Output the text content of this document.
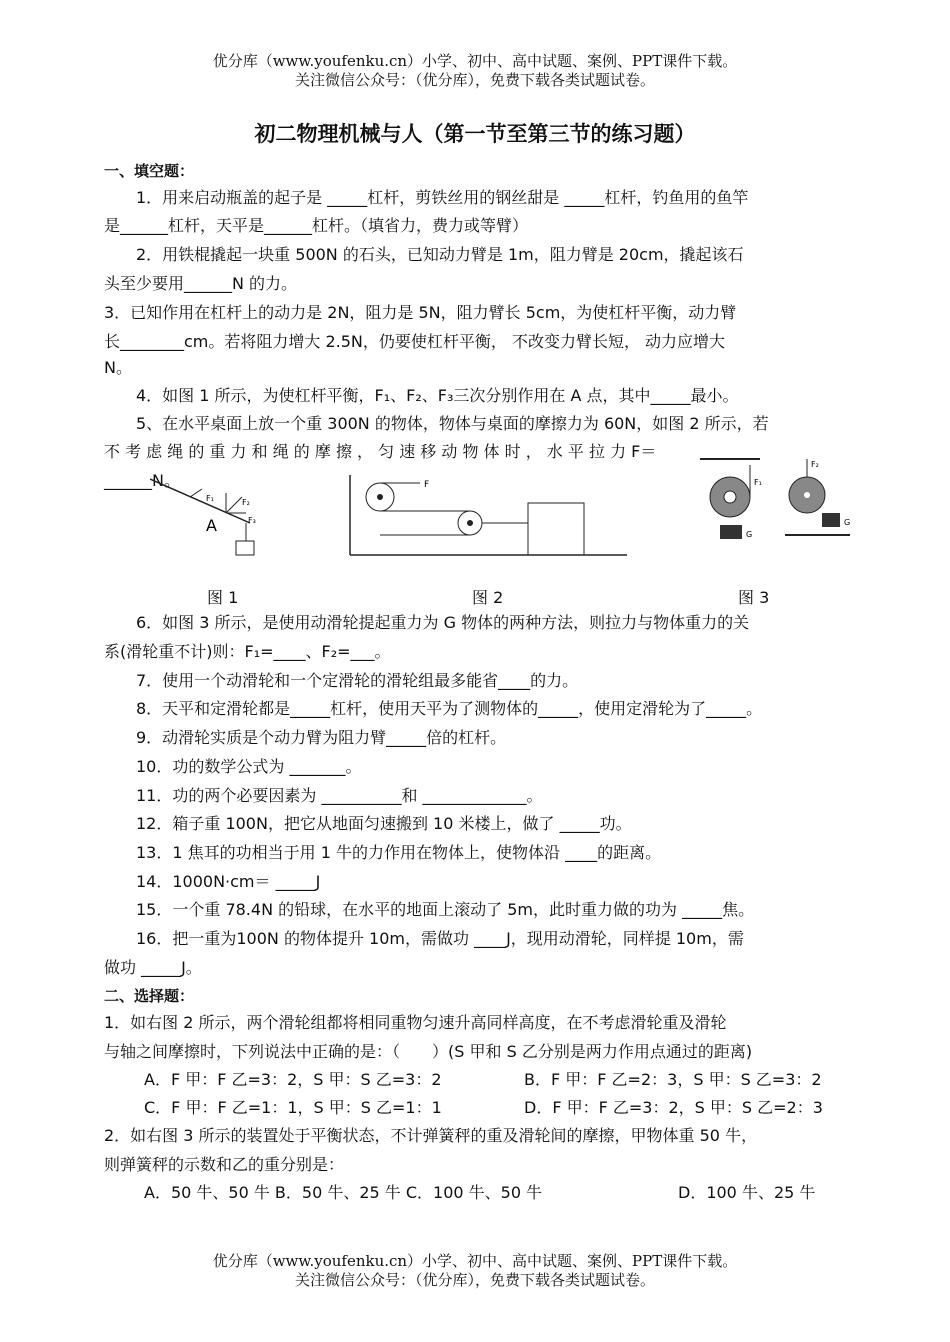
优分库（www.youfenku.cn）小学、初中、高中试题、案例、PPT课件下载。
关注微信公众号：（优分库），免费下载各类试题试卷。
初二物理机械与人（第一节至第三节的练习题）
一、填空题：
1．用来启动瓶盖的起子是 _____杠杆，剪铁丝用的钢丝甜是 _____杠杆，钓鱼用的鱼竿
是______杠杆，天平是______杠杆。（填省力，费力或等臂）
2．用铁棍撬起一块重 500N 的石头，已知动力臂是 1m，阻力臂是 20cm，撬起该石
头至少要用______N 的力。
3．已知作用在杠杆上的动力是 2N，阻力是 5N，阻力臂长 5cm，为使杠杆平衡，动力臂
长________cm。若将阻力增大 2.5N，仍要使杠杆平衡， 不改变力臂长短， 动力应增大
N。
4．如图 1 所示，为使杠杆平衡，F₁、F₂、F₃三次分别作用在 A 点，其中_____最小。
5、在水平桌面上放一个重 300N 的物体，物体与桌面的摩擦力为 60N，如图 2 所示，若
不 考 虑 绳 的 重 力 和 绳 的 摩 擦 ， 匀 速 移 动 物 体 时 ， 水 平 拉 力 F＝
______N。
F₁	F₂
F₃
A
F	F₁
G
F₂
G
图 1	图 2	图 3
6．如图 3 所示，是使用动滑轮提起重力为 G 物体的两种方法，则拉力与物体重力的关
系(滑轮重不计)则：F₁=____、F₂=___。
7．使用一个动滑轮和一个定滑轮的滑轮组最多能省____的力。
8．天平和定滑轮都是_____杠杆，使用天平为了测物体的_____，使用定滑轮为了_____。
9．动滑轮实质是个动力臂为阻力臂_____倍的杠杆。
10．功的数学公式为 _______。
11．功的两个必要因素为 __________和 _____________。
12．箱子重 100N，把它从地面匀速搬到 10 米楼上，做了 _____功。
13．1 焦耳的功相当于用 1 牛的力作用在物体上，使物体沿 ____的距离。
14．1000N·cm＝ _____J
15．一个重 78.4N 的铅球，在水平的地面上滚动了 5m，此时重力做的功为 _____焦。
16．把一重为100N 的物体提升 10m，需做功 ____J，现用动滑轮，同样提 10m，需
做功 _____J。
二、选择题：
1．如右图 2 所示，两个滑轮组都将相同重物匀速升高同样高度，在不考虑滑轮重及滑轮
与轴之间摩擦时，下列说法中正确的是：（　　）(S 甲和 S 乙分别是两力作用点通过的距离)
A．F 甲：F 乙=3：2，S 甲：S 乙=3：2	B．F 甲：F 乙=2：3，S 甲：S 乙=3：2
C．F 甲：F 乙=1：1，S 甲：S 乙=1：1	D．F 甲：F 乙=3：2，S 甲：S 乙=2：3
2．如右图 3 所示的装置处于平衡状态，不计弹簧秤的重及滑轮间的摩擦，甲物体重 50 牛，
则弹簧秤的示数和乙的重分别是：
A．50 牛、50 牛 B．50 牛、25 牛 C．100 牛、50 牛	D．100 牛、25 牛
优分库（www.youfenku.cn）小学、初中、高中试题、案例、PPT课件下载。
关注微信公众号：（优分库），免费下载各类试题试卷。
